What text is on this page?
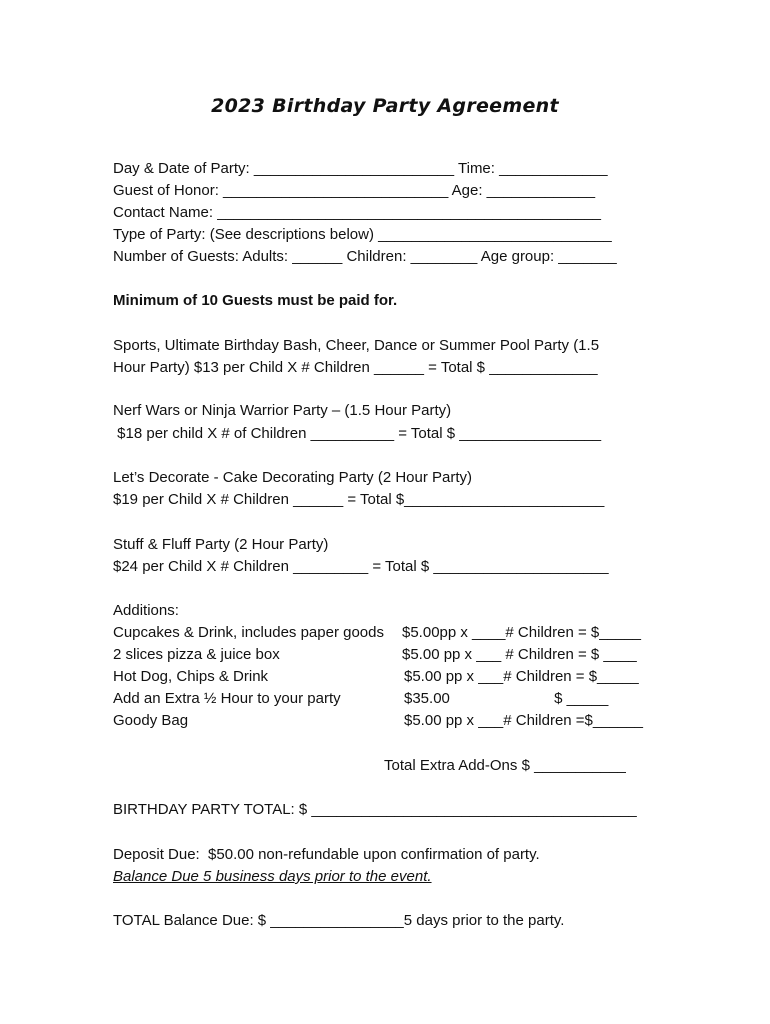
2023 Birthday Party Agreement
Day & Date of Party: ________________________ Time: _____________
Guest of Honor: ___________________________ Age: _____________
Contact Name: ______________________________________________
Type of Party: (See descriptions below) ____________________________
Number of Guests: Adults: ______ Children: ________ Age group: _______
Minimum of 10 Guests must be paid for.
Sports, Ultimate Birthday Bash, Cheer, Dance or Summer Pool Party (1.5
Hour Party) $13 per Child X # Children ______ = Total $ _____________
Nerf Wars or Ninja Warrior Party – (1.5 Hour Party)
$18 per child X # of Children __________ = Total $ _________________
Let’s Decorate - Cake Decorating Party (2 Hour Party)
$19 per Child X # Children ______ = Total $________________________
Stuff & Fluff Party (2 Hour Party)
$24 per Child X # Children _________ = Total $ _____________________
Additions:
Cupcakes & Drink, includes paper goods $5.00pp x ____# Children = $_____
2 slices pizza & juice box	$5.00 pp x ___ # Children = $ ____
Hot Dog, Chips & Drink	$5.00 pp x ___# Children = $_____
Add an Extra ½ Hour to your party	$35.00                         $ _____
Goody Bag	$5.00 pp x ___# Children =$______
Total Extra Add-Ons $ ___________
BIRTHDAY PARTY TOTAL: $ _______________________________________
Deposit Due:  $50.00 non-refundable upon confirmation of party.
Balance Due 5 business days prior to the event.
TOTAL Balance Due: $ ________________5 days prior to the party.
